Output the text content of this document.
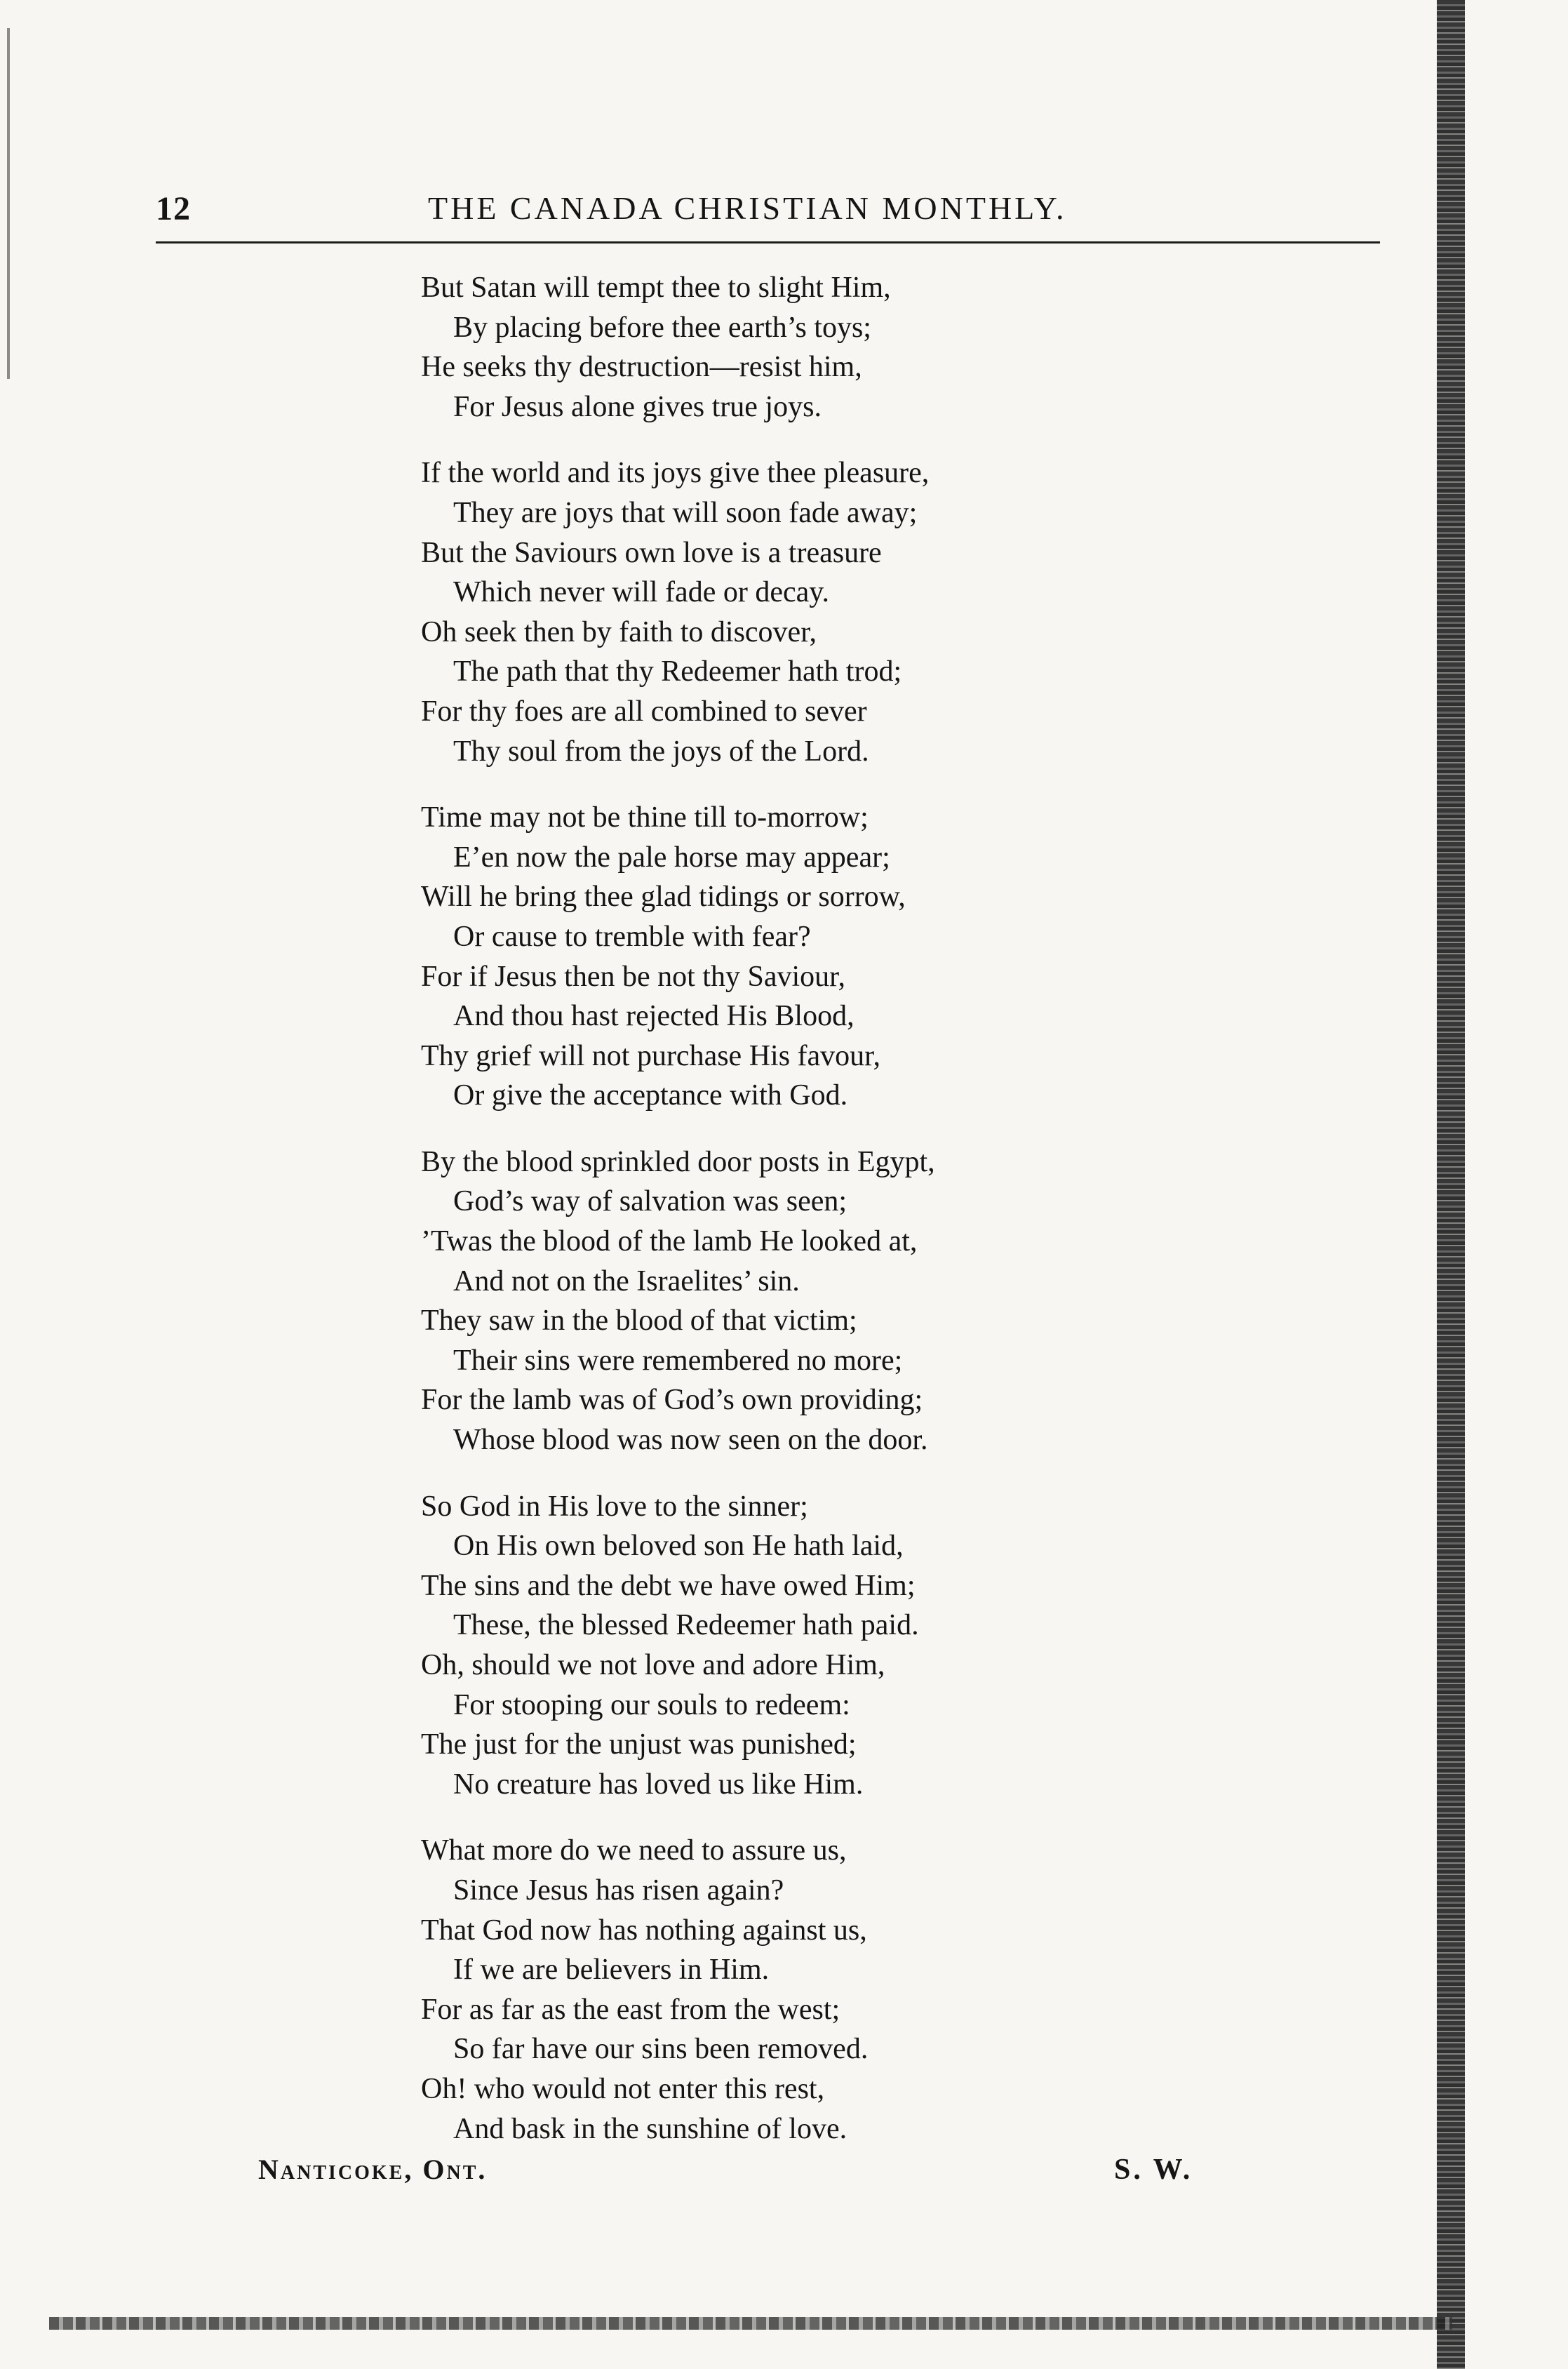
12	THE CANADA CHRISTIAN MONTHLY.
But Satan will tempt thee to slight Him,
By placing before thee earth’s toys;
He seeks thy destruction—resist him,
For Jesus alone gives true joys.
If the world and its joys give thee pleasure,
They are joys that will soon fade away;
But the Saviours own love is a treasure
Which never will fade or decay.
Oh seek then by faith to discover,
The path that thy Redeemer hath trod;
For thy foes are all combined to sever
Thy soul from the joys of the Lord.
Time may not be thine till to-morrow;
E’en now the pale horse may appear;
Will he bring thee glad tidings or sorrow,
Or cause to tremble with fear?
For if Jesus then be not thy Saviour,
And thou hast rejected His Blood,
Thy grief will not purchase His favour,
Or give the acceptance with God.
By the blood sprinkled door posts in Egypt,
God’s way of salvation was seen;
’Twas the blood of the lamb He looked at,
And not on the Israelites’ sin.
They saw in the blood of that victim;
Their sins were remembered no more;
For the lamb was of God’s own providing;
Whose blood was now seen on the door.
So God in His love to the sinner;
On His own beloved son He hath laid,
The sins and the debt we have owed Him;
These, the blessed Redeemer hath paid.
Oh, should we not love and adore Him,
For stooping our souls to redeem:
The just for the unjust was punished;
No creature has loved us like Him.
What more do we need to assure us,
Since Jesus has risen again?
That God now has nothing against us,
If we are believers in Him.
For as far as the east from the west;
So far have our sins been removed.
Oh! who would not enter this rest,
And bask in the sunshine of love.
Nanticoke, Ont.	S. W.
